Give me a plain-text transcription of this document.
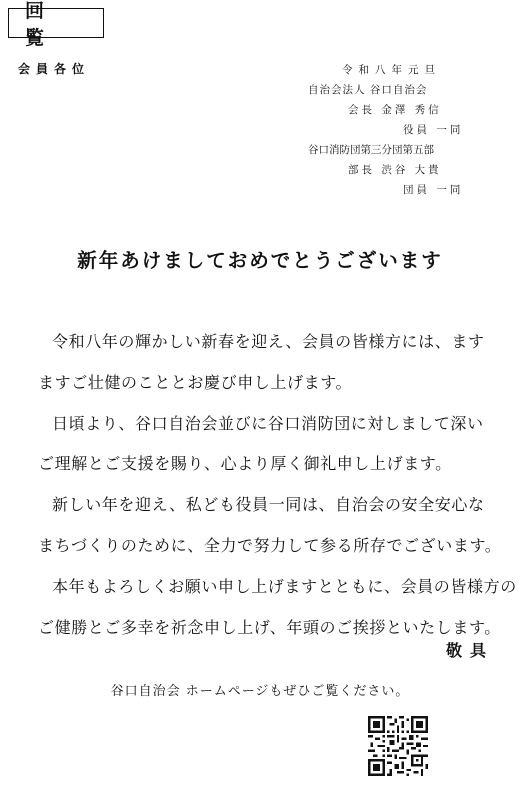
回 覧
会員各位	令和八年元旦
自治会法人 谷口自治会
会長 金澤 秀信
役員 一同
谷口消防団第三分団第五部
部長 渋谷 大貴
団員 一同
新年あけましておめでとうございます
令和八年の輝かしい新春を迎え、会員の皆様方には、ます
ますご壮健のこととお慶び申し上げます。
日頃より、谷口自治会並びに谷口消防団に対しまして深い
ご理解とご支援を賜り、心より厚く御礼申し上げます。
新しい年を迎え、私ども役員一同は、自治会の安全安心な
まちづくりのために、全力で努力して参る所存でございます。
本年もよろしくお願い申し上げますとともに、会員の皆様方の
ご健勝とご多幸を祈念申し上げ、年頭のご挨拶といたします。
敬具
谷口自治会 ホームページもぜひご覧ください。
